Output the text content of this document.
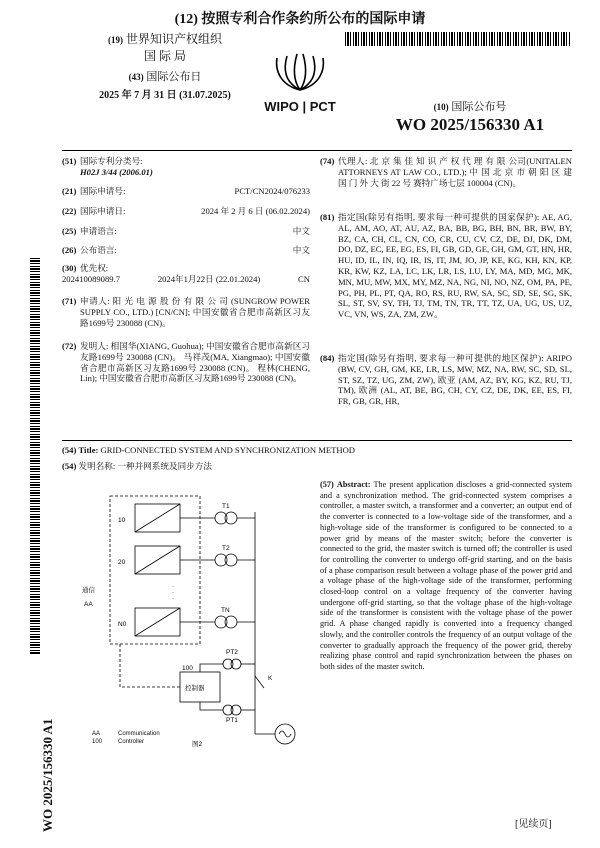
(12) 按照专利合作条约所公布的国际申请
(19) 世界知识产权组织
国 际 局
(43) 国际公布日
2025 年 7 月 31 日 (31.07.2025)
WIPO | PCT	(10) 国际公布号
WO 2025/156330 A1
WO 2025/156330 A1
(51) 国际专利分类号:
H02J 3/44 (2006.01)
(21) 国际申请号:	PCT/CN2024/076233
(22) 国际申请日:	2024 年 2 月 6 日 (06.02.2024)
(25) 申请语言:	中文
(26) 公布语言:	中文
(30) 优先权:

202410089089.7	2024年1月22日 (22.01.2024)	CN
(71) 申请人: 阳 光 电 源 股 份 有 限 公 司 (SUNGROW POWER SUPPLY CO., LTD.) [CN/CN]; 中国安徽省合肥市高新区习友路1699号 230088 (CN)。
(72) 发明人: 相国华(XIANG, Guohua); 中国安徽省合肥市高新区习友路1699号 230088 (CN)。 马祥茂(MA, Xiangmao); 中国安徽省合肥市高新区习友路1699号 230088 (CN)。 程林(CHENG, Lin); 中国安徽省合肥市高新区习友路1699号 230088 (CN)。
(74) 代理人: 北 京 集 佳 知 识 产 权 代 理 有 限 公司(UNITALEN ATTORNEYS AT LAW CO., LTD.); 中 国 北 京 市 朝 阳 区 建 国 门 外 大 街 22 号 赛特广场七层 100004 (CN)。
(81) 指定国(除另有指明, 要求每一种可提供的国家保护): AE, AG, AL, AM, AO, AT, AU, AZ, BA, BB, BG, BH, BN, BR, BW, BY, BZ, CA, CH, CL, CN, CO, CR, CU, CV, CZ, DE, DJ, DK, DM, DO, DZ, EC, EE, EG, ES, FI, GB, GD, GE, GH, GM, GT, HN, HR, HU, ID, IL, IN, IQ, IR, IS, IT, JM, JO, JP, KE, KG, KH, KN, KP, KR, KW, KZ, LA, LC, LK, LR, LS, LU, LY, MA, MD, MG, MK, MN, MU, MW, MX, MY, MZ, NA, NG, NI, NO, NZ, OM, PA, PE, PG, PH, PL, PT, QA, RO, RS, RU, RW, SA, SC, SD, SE, SG, SK, SL, ST, SV, SY, TH, TJ, TM, TN, TR, TT, TZ, UA, UG, US, UZ, VC, VN, WS, ZA, ZM, ZW。
(84) 指定国(除另有指明, 要求每一种可提供的地区保护): ARIPO (BW, CV, GH, GM, KE, LR, LS, MW, MZ, NA, RW, SC, SD, SL, ST, SZ, TZ, UG, ZM, ZW), 欧亚 (AM, AZ, BY, KG, KZ, RU, TJ, TM), 欧洲 (AL, AT, BE, BG, CH, CY, CZ, DE, DK, EE, ES, FI, FR, GB, GR, HR,
(54) Title: GRID-CONNECTED SYSTEM AND SYNCHRONIZATION METHOD
(54) 发明名称: 一种并网系统及同步方法
(57) Abstract: The present application discloses a grid-connected system and a synchronization method. The grid-connected system comprises a controller, a master switch, a transformer and a converter; an output end of the converter is connected to a low-voltage side of the transformer, and a high-voltage side of the transformer is configured to be connected to a power grid by means of the master switch; before the converter is connected to the grid, the master switch is turned off; the controller is used for controlling the converter to undergo off-grid starting, and on the basis of a phase comparison result between a voltage phase of the power grid and a voltage phase of the high-voltage side of the transformer, performing closed-loop control on a voltage frequency of the converter having undergone off-grid starting, so that the voltage phase of the high-voltage side of the transformer is consistent with the voltage phase of the power grid. A phase changed rapidly is converted into a frequency changed slowly, and the controller controls the frequency of an output voltage of the converter to gradually approach the frequency of the power grid, thereby realizing phase control and rapid synchronization between the phases on both sides of the master switch.
10
20
N0
T1
T2
TN
PT2
PT1
K
100
控制器
通信
AA
图2
·
·
·
AA	Communication
100	Controller
[见续页]
